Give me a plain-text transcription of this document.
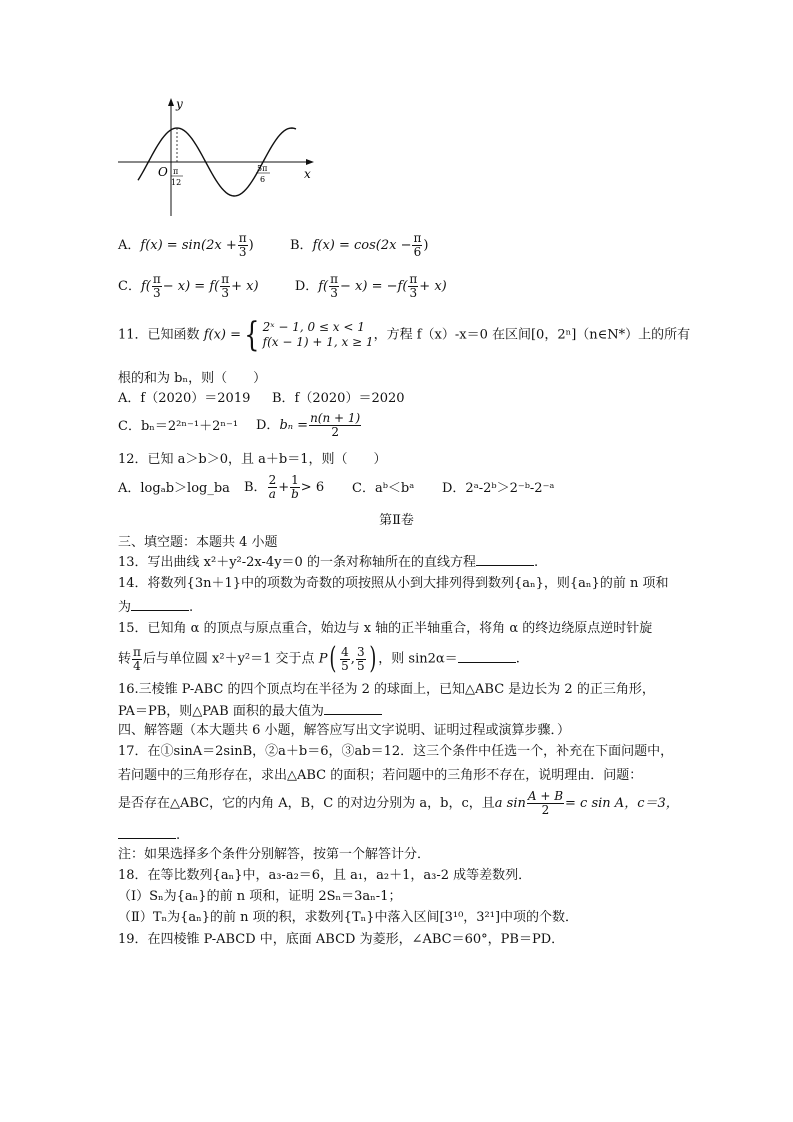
y
x
O π
12
5π
6
A．$f(x) = \sin(2x + \frac{\pi}{3}$ )	B．$f(x) = \cos(2x - \frac{\pi}{6}$ )
C．$f( \frac{\pi}{3} - x) = f( \frac{\pi}{3} + x)$	D．$f( \frac{\pi}{3} - x) = -f( \frac{\pi}{3} + x)$
11．已知函数 f(x) ={ 2ˣ − 1, 0 ≤ x < 1
f(x − 1) + 1, x ≥ 1 ，方程 f（x）-x＝0 在区间[0，2ⁿ]（n∈N*）上的所有
根的和为 bₙ，则（　　）
A．f（2020）＝2019 B．f（2020）＝2020
C．bₙ＝2²ⁿ⁻¹＋2ⁿ⁻¹ D．$b_n = \frac{n(n + 1)}{2}$
12．已知 a＞b＞0，且 a＋b＝1，则（　　）
A．logₐb＞log_ba B． $\frac{2}{a} + \frac{1}{b} > 6$ C．aᵇ＜bᵃ D．2ᵃ-2ᵇ＞2⁻ᵇ-2⁻ᵃ
第Ⅱ卷
三、填空题：本题共 4 小题
13．写出曲线 x²＋y²-2x-4y＝0 的一条对称轴所在的直线方程	.
14．将数列{3n＋1}中的项数为奇数的项按照从小到大排列得到数列{aₙ}，则{aₙ}的前 n 项和
为	.
15．已知角 α 的顶点与原点重合，始边与 x 轴的正半轴重合，将角 α 的终边绕原点逆时针旋
转 $\frac{\pi}{4}$ 后与单位圆 x²＋y²＝1 交于点 $P( \frac{4}{5}$ , $\frac{3}{5}$ ) ，则 sin2α＝	.
16.三棱锥 P-ABC 的四个顶点均在半径为 2 的球面上，已知△ABC 是边长为 2 的正三角形，
PA＝PB，则△PAB 面积的最大值为
四、解答题（本大题共 6 小题，解答应写出文字说明、证明过程或演算步骤．）
17．在①sinA＝2sinB，②a＋b＝6，③ab＝12．这三个条件中任选一个，补充在下面问题中，
若问题中的三角形存在，求出△ABC 的面积；若问题中的三角形不存在，说明理由．问题：
是否存在△ABC，它的内角 A，B，C 的对边分别为 a，b，c，且a $\sin \frac{A + B}{2} = c$ sin A，c＝3，
.
注：如果选择多个条件分别解答，按第一个解答计分．
18．在等比数列{aₙ}中，a₃-a₂＝6，且 a₁，a₂＋1，a₃-2 成等差数列．
（Ⅰ）Sₙ为{aₙ}的前 n 项和，证明 2Sₙ＝3aₙ-1；
（Ⅱ）Tₙ为{aₙ}的前 n 项的积，求数列{Tₙ}中落入区间[3¹⁰，3²¹]中项的个数．
19．在四棱锥 P-ABCD 中，底面 ABCD 为菱形，∠ABC＝60°，PB＝PD．
